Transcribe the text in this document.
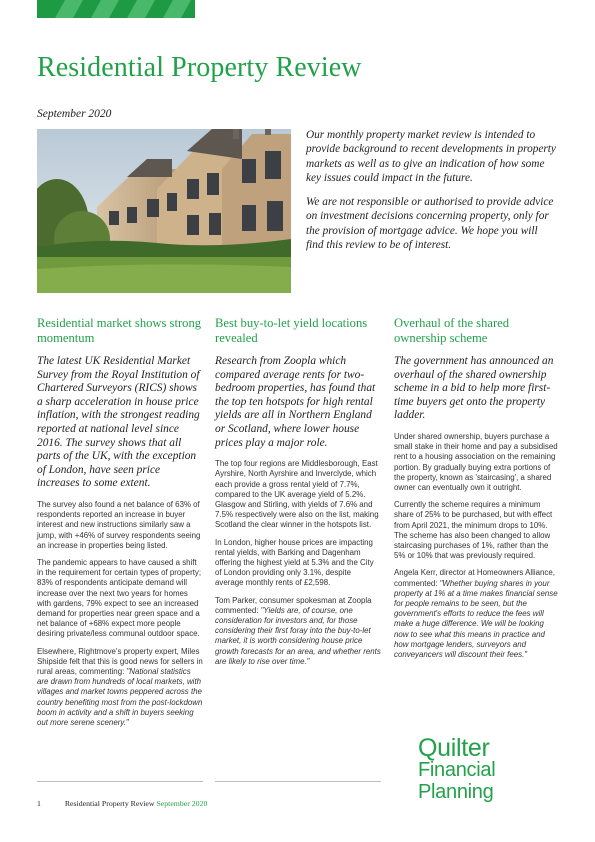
Residential Property Review
September 2020

Our monthly property market review is intended to provide background to recent developments in property markets as well as to give an indication of how some key issues could impact in the future.

We are not responsible or authorised to provide advice on investment decisions concerning property, only for the provision of mortgage advice. We hope you will find this review to be of interest.

Residential market shows strong momentum

The latest UK Residential Market Survey from the Royal Institution of Chartered Surveyors (RICS) shows a sharp acceleration in house price inflation, with the strongest reading reported at national level since 2016. The survey shows that all parts of the UK, with the exception of London, have seen price increases to some extent.

The survey also found a net balance of 63% of respondents reported an increase in buyer interest and new instructions similarly saw a jump, with +46% of survey respondents seeing an increase in properties being listed.

The pandemic appears to have caused a shift in the requirement for certain types of property; 83% of respondents anticipate demand will increase over the next two years for homes with gardens, 79% expect to see an increased demand for properties near green space and a net balance of +68% expect more people desiring private/less communal outdoor space.

Elsewhere, Rightmove's property expert, Miles Shipside felt that this is good news for sellers in rural areas, commenting: "National statistics are drawn from hundreds of local markets, with villages and market towns peppered across the country benefiting most from the post-lockdown boom in activity and a shift in buyers seeking out more serene scenery."

Best buy-to-let yield locations revealed

Research from Zoopla which compared average rents for two-bedroom properties, has found that the top ten hotspots for high rental yields are all in Northern England or Scotland, where lower house prices play a major role.

The top four regions are Middlesborough, East Ayrshire, North Ayrshire and Inverclyde, which each provide a gross rental yield of 7.7%, compared to the UK average yield of 5.2%. Glasgow and Stirling, with yields of 7.6% and 7.5% respectively were also on the list, making Scotland the clear winner in the hotspots list.

In London, higher house prices are impacting rental yields, with Barking and Dagenham offering the highest yield at 5.3% and the City of London providing only 3.1%, despite average monthly rents of £2,598.

Tom Parker, consumer spokesman at Zoopla commented: "Yields are, of course, one consideration for investors and, for those considering their first foray into the buy-to-let market, it is worth considering house price growth forecasts for an area, and whether rents are likely to rise over time."

Overhaul of the shared ownership scheme

The government has announced an overhaul of the shared ownership scheme in a bid to help more first-time buyers get onto the property ladder.

Under shared ownership, buyers purchase a small stake in their home and pay a subsidised rent to a housing association on the remaining portion. By gradually buying extra portions of the property, known as 'staircasing', a shared owner can eventually own it outright.

Currently the scheme requires a minimum share of 25% to be purchased, but with effect from April 2021, the minimum drops to 10%. The scheme has also been changed to allow staircasing purchases of 1%, rather than the 5% or 10% that was previously required.

Angela Kerr, director at Homeowners Alliance, commented: "Whether buying shares in your property at 1% at a time makes financial sense for people remains to be seen, but the government's efforts to reduce the fees will make a huge difference. We will be looking now to see what this means in practice and how mortgage lenders, surveyors and conveyancers will discount their fees."

Quilter
Financial
Planning
1	Residential Property Review September 2020
